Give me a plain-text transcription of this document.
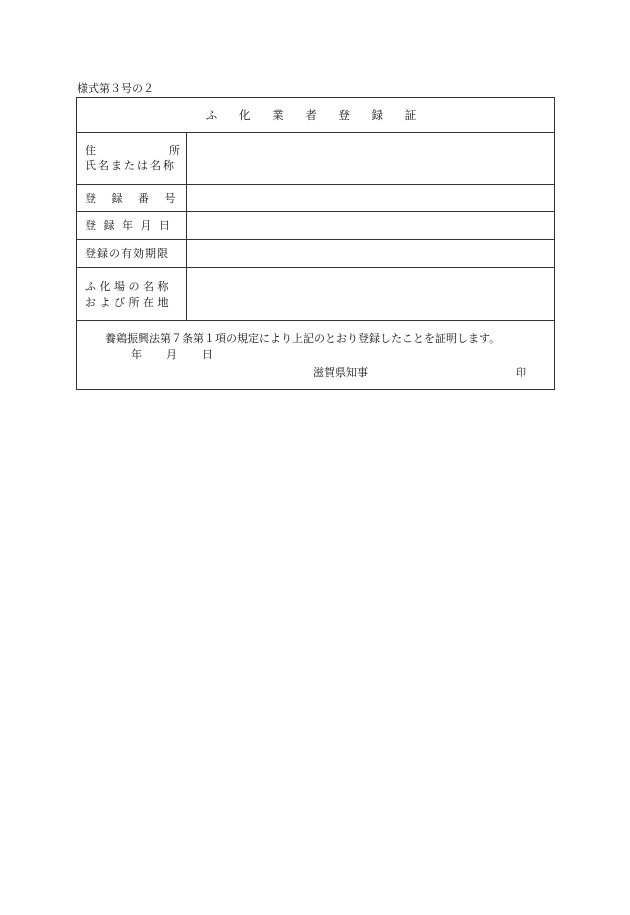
様式第３号の２
ふ 化 業 者 登 録 証
住	所
氏名または名称
登 録 番 号
登 録 年 月 日
登録の有効期限
ふ 化 場 の 名 称
お よ び 所 在 地
養鶏振興法第７条第１項の規定により上記のとおり登録したことを証明します。
年 月 日
滋賀県知事	印
